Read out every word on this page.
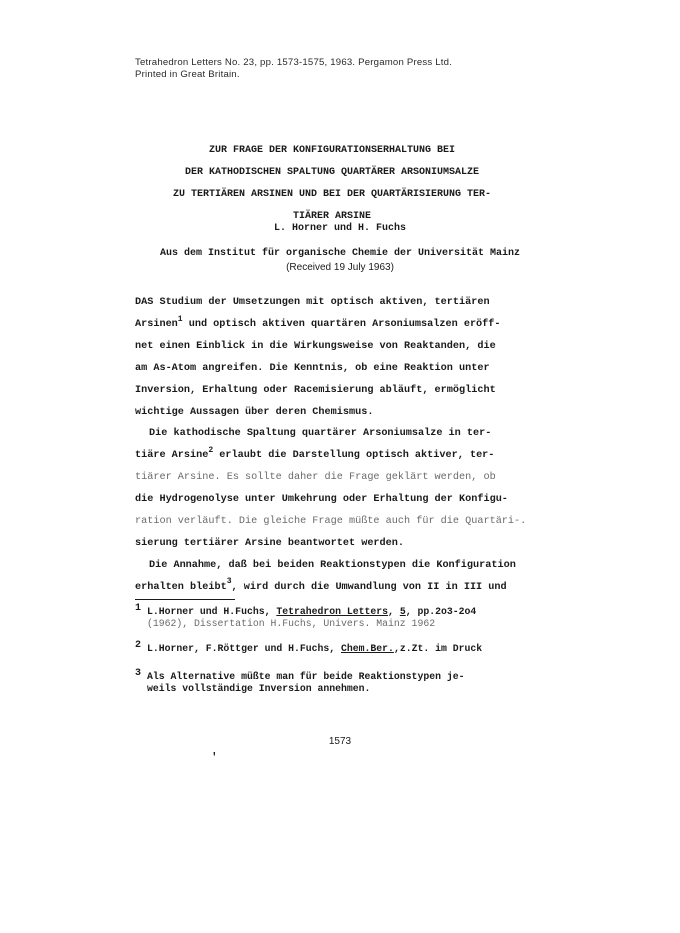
Tetrahedron Letters No. 23, pp. 1573-1575, 1963. Pergamon Press Ltd.
Printed in Great Britain.
ZUR FRAGE DER KONFIGURATIONSERHALTUNG BEI
DER KATHODISCHEN SPALTUNG QUARTÄRER ARSONIUMSALZE
ZU TERTIÄREN ARSINEN UND BEI DER QUARTÄRISIERUNG TER-
TIÄRER ARSINE
L. Horner und H. Fuchs
Aus dem Institut für organische Chemie der Universität Mainz
(Received 19 July 1963)
DAS Studium der Umsetzungen mit optisch aktiven, tertiären
Arsinen$^1$ und optisch aktiven quartären Arsoniumsalzen eröff-
net einen Einblick in die Wirkungsweise von Reaktanden, die
am As-Atom angreifen. Die Kenntnis, ob eine Reaktion unter
Inversion, Erhaltung oder Racemisierung abläuft, ermöglicht
wichtige Aussagen über deren Chemismus.
Die kathodische Spaltung quartärer Arsoniumsalze in ter-
tiäre Arsine$^2$ erlaubt die Darstellung optisch aktiver, ter-
tiärer Arsine. Es sollte daher die Frage geklärt werden, ob
die Hydrogenolyse unter Umkehrung oder Erhaltung der Konfigu-
ration verläuft. Die gleiche Frage müßte auch für die Quartäri-.
sierung tertiärer Arsine beantwortet werden.
Die Annahme, daß bei beiden Reaktionstypen die Konfiguration
erhalten bleibt$^3$, wird durch die Umwandlung von II in III und
1 L.Horner und H.Fuchs, Tetrahedron Letters, 5, pp.2o3-2o4
(1962), Dissertation H.Fuchs, Univers. Mainz 1962
2 L.Horner, F.Röttger und H.Fuchs, Chem.Ber.,z.Zt. im Druck
3 Als Alternative müßte man für beide Reaktionstypen je-
weils vollständige Inversion annehmen.
1573
'
